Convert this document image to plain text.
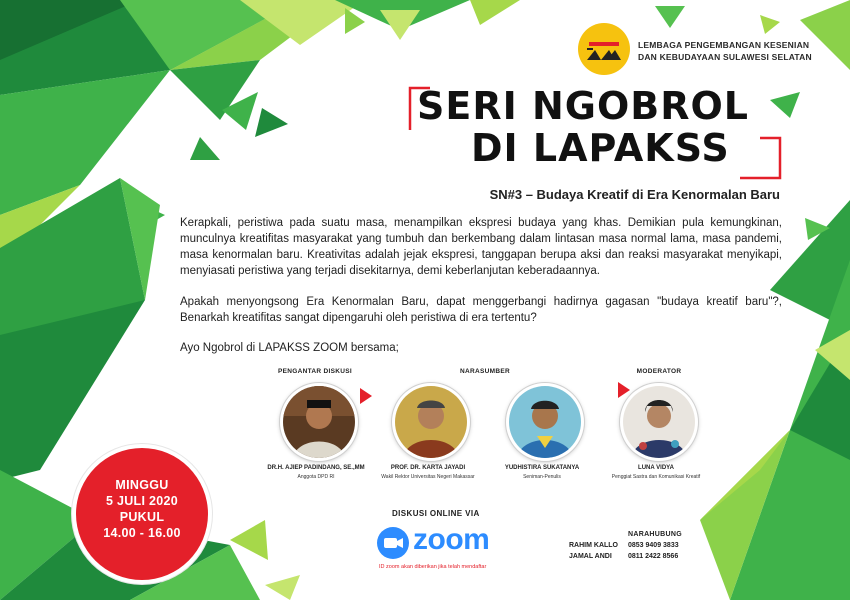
LEMBAGA PENGEMBANGAN KESENIAN
DAN KEBUDAYAAN SULAWESI SELATAN
SERI NGOBROL
DI LAPAKSS
SN#3 – Budaya Kreatif di Era Kenormalan Baru
Kerapkali, peristiwa pada suatu masa, menampilkan ekspresi budaya yang khas. Demikian pula kemungkinan, munculnya kreatifitas masyarakat yang tumbuh dan berkembang dalam lintasan masa normal lama, masa pandemi, masa kenormalan baru. Kreativitas adalah jejak ekspresi, tanggapan berupa aksi dan reaksi masyarakat menyikapi, menyiasati peristiwa yang terjadi disekitarnya, demi keberlanjutan keberadaannya.
Apakah menyongsong Era Kenormalan Baru, dapat menggerbangi hadirnya gagasan "budaya kreatif baru"?, Benarkah kreatifitas sangat dipengaruhi oleh peristiwa di era tertentu?
Ayo Ngobrol di LAPAKSS ZOOM bersama;
PENGANTAR DISKUSI	NARASUMBER	MODERATOR
DR.H. AJIEP PADINDANG, SE.,MM
Anggota DPD RI
PROF. DR. KARTA JAYADI
Wakil Rektor Universitas Negeri Makassar
YUDHISTIRA SUKATANYA
Seniman-Penulis
LUNA VIDYA
Penggiat Sastra dan Komunikasi Kreatif
MINGGU
5 JULI 2020
PUKUL
14.00 - 16.00
DISKUSI ONLINE VIA
zoom
ID zoom akan diberikan jika telah mendaftar
NARAHUBUNG
RAHIM KALLO 0853 9409 3833
JAMAL ANDI 0811 2422 8566
